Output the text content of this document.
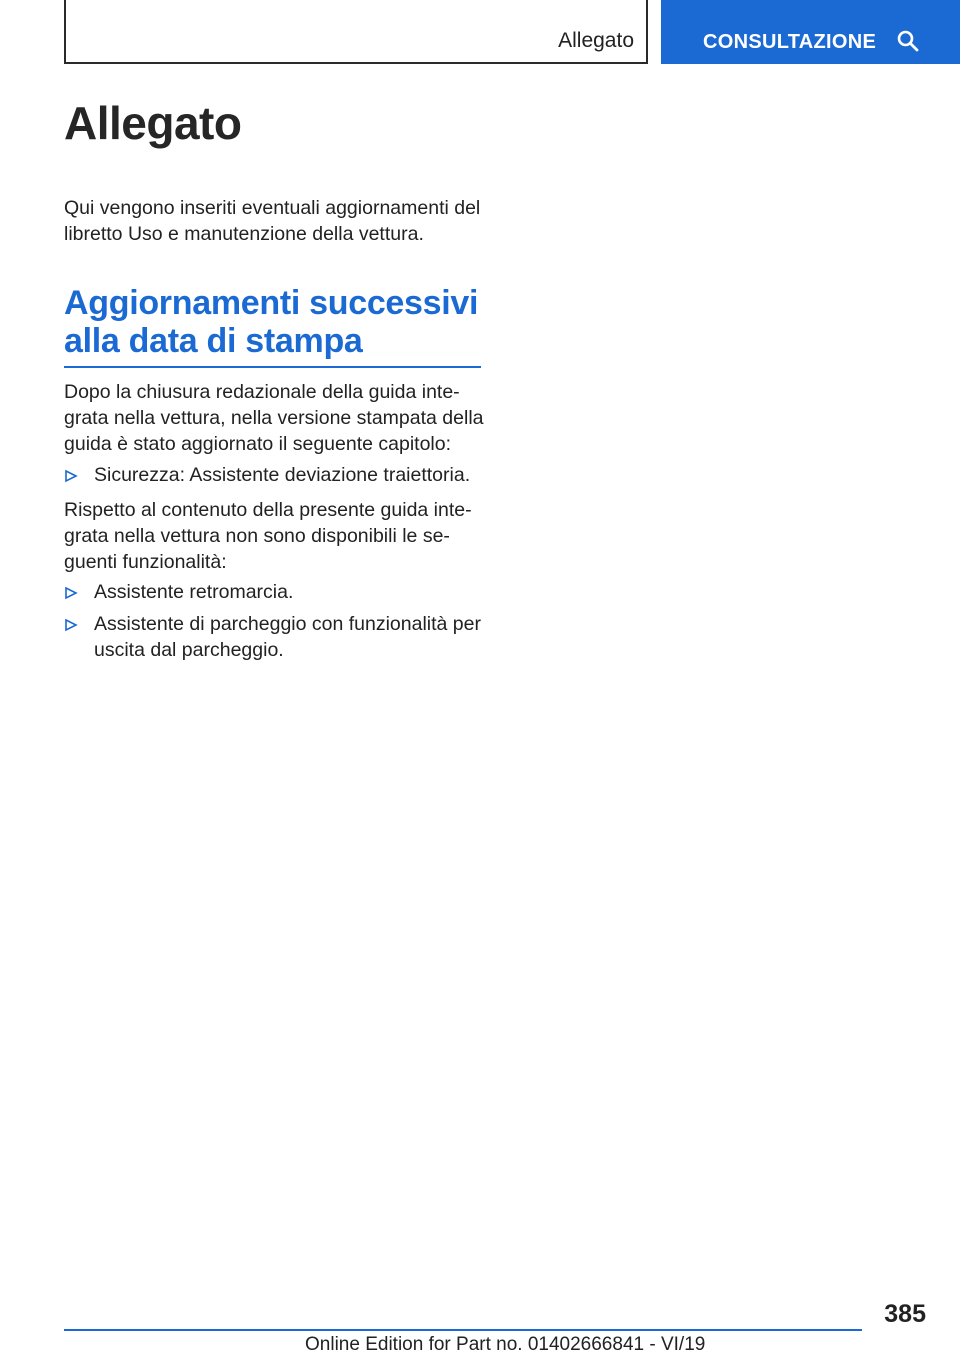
Allegato	CONSULTAZIONE
Allegato

Qui vengono inseriti eventuali aggiornamenti del libretto Uso e manutenzione della vettura.

Aggiornamenti successivi alla data di stampa

Dopo la chiusura redazionale della guida inte-grata nella vettura, nella versione stampata della guida è stato aggiornato il seguente capitolo:

Sicurezza: Assistente deviazione traiettoria.

Rispetto al contenuto della presente guida inte-grata nella vettura non sono disponibili le se-guenti funzionalità:

Assistente retromarcia.
Assistente di parcheggio con funzionalità per uscita dal parcheggio.
385
Online Edition for Part no. 01402666841 - VI/19
